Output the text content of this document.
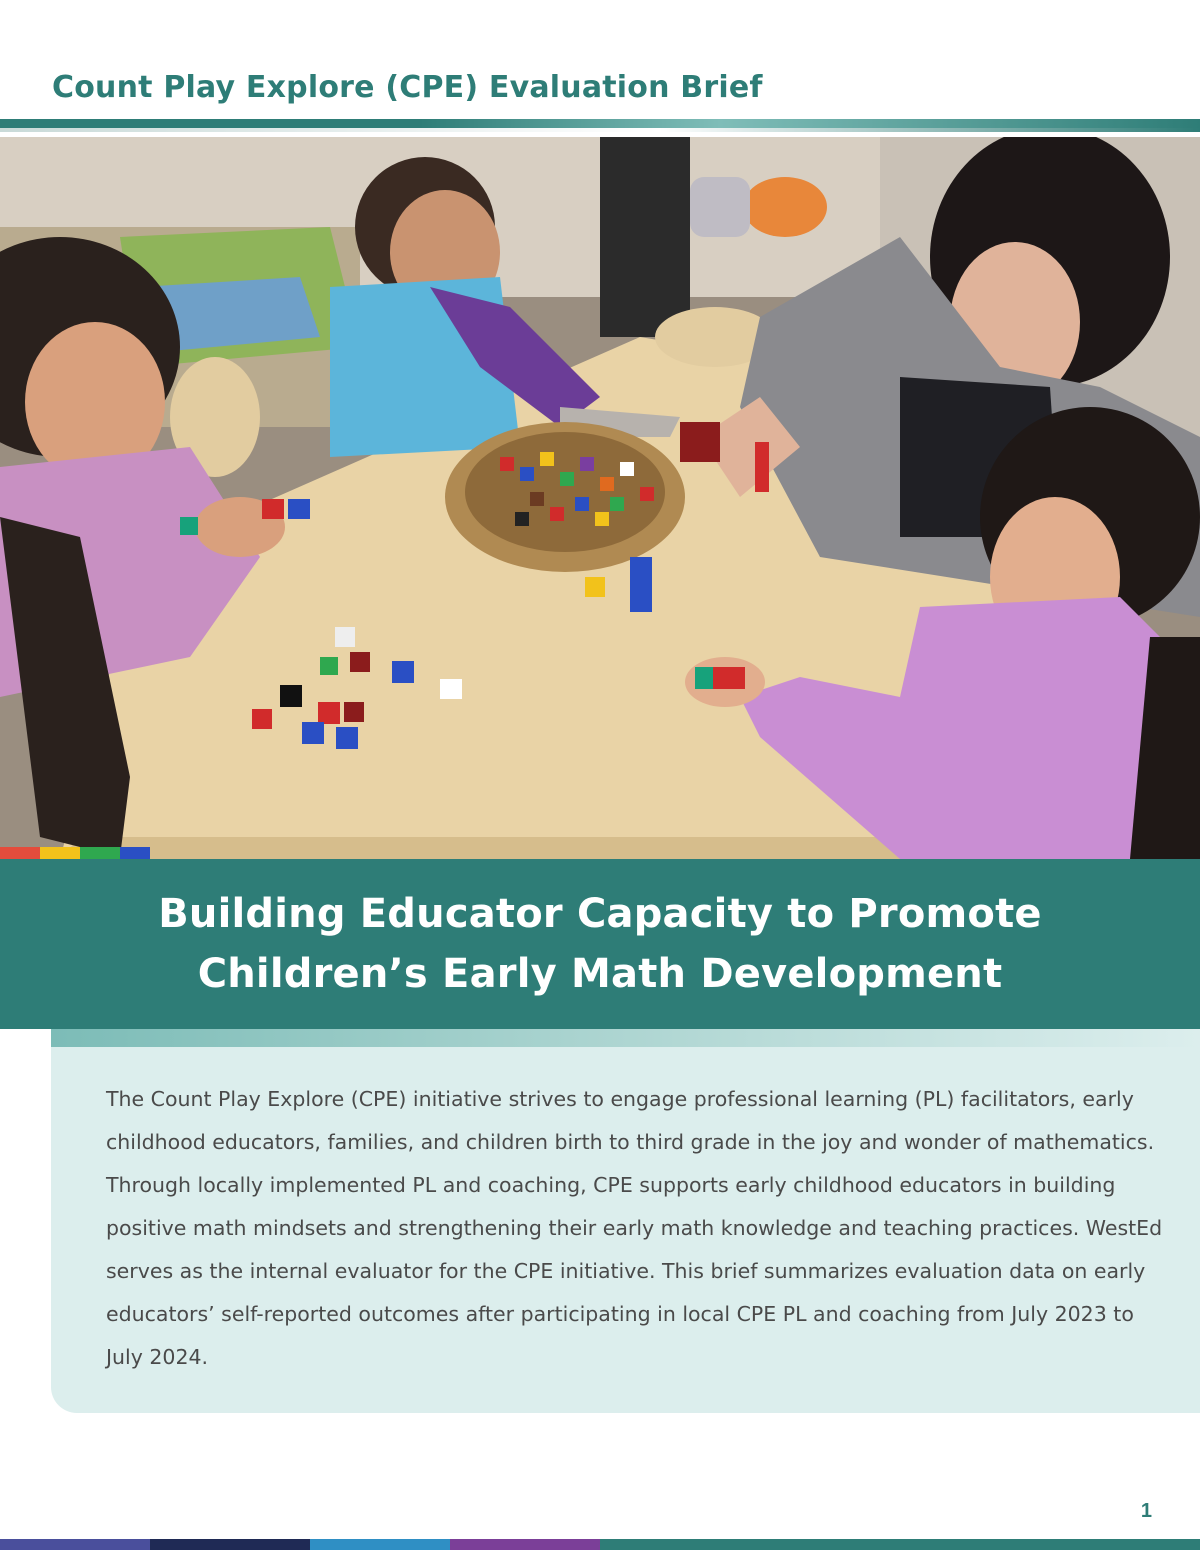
Count Play Explore (CPE) Evaluation Brief
Building Educator Capacity to Promote
Children’s Early Math Development

The Count Play Explore (CPE) initiative strives to engage professional learning (PL) facilitators, early childhood educators, families, and children birth to third grade in the joy and wonder of mathematics. Through locally implemented PL and coaching, CPE supports early childhood educators in building positive math mindsets and strengthening their early math knowledge and teaching practices. WestEd serves as the internal evaluator for the CPE initiative. This brief summarizes evaluation data on early educators’ self-reported outcomes after participating in local CPE PL and coaching from July 2023 to July 2024.

1
